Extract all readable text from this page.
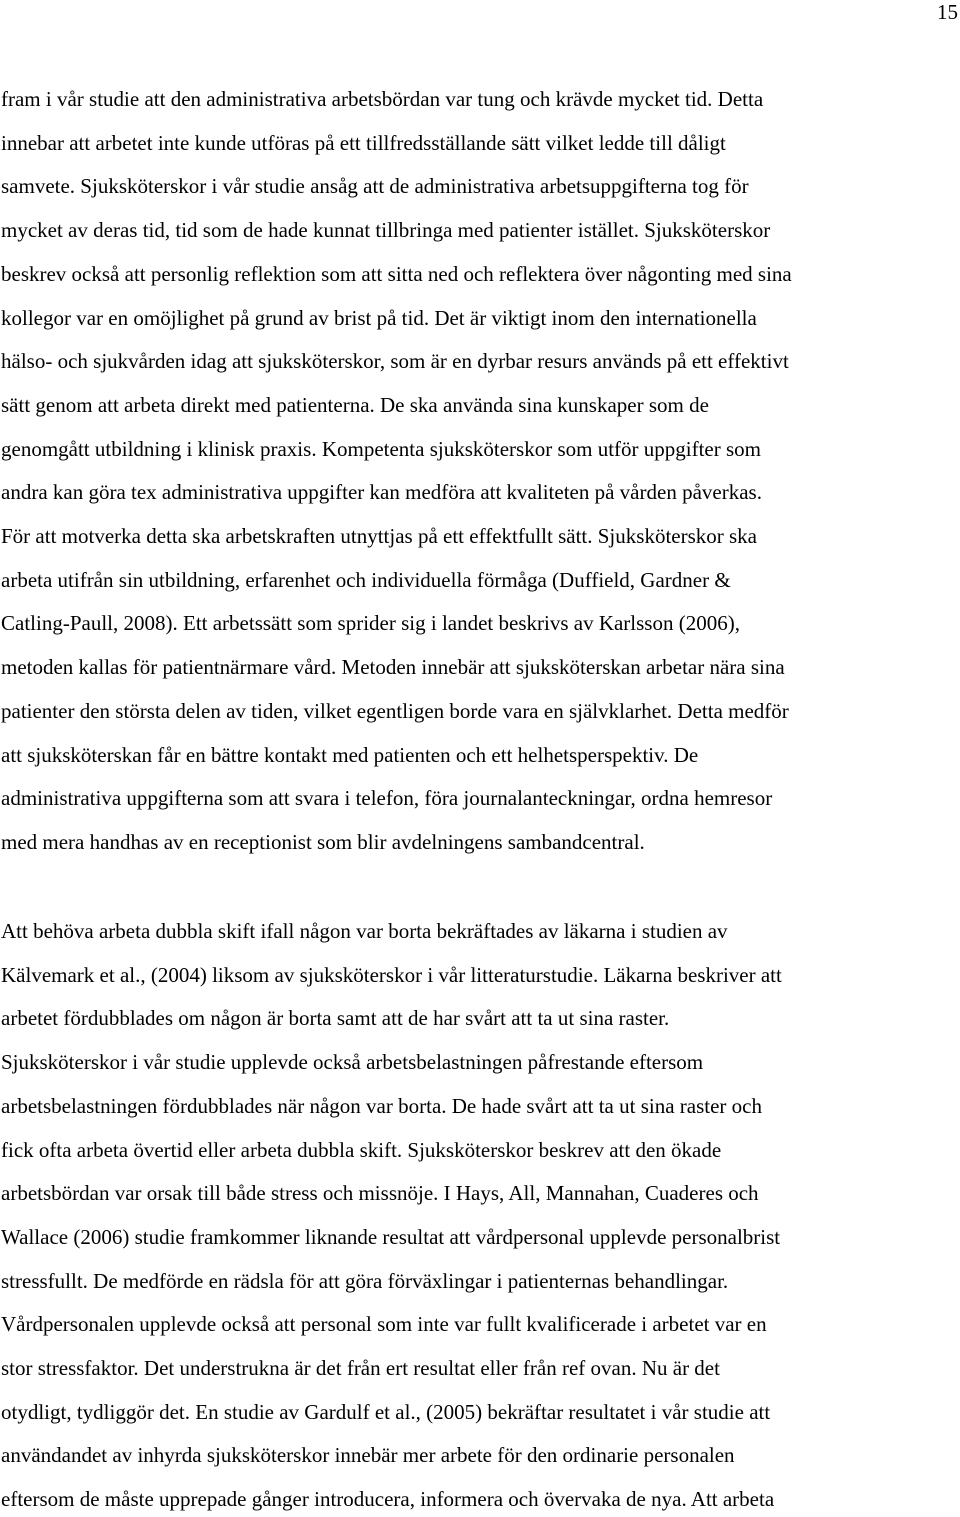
15
fram i vår studie att den administrativa arbetsbördan var tung och krävde mycket tid. Detta
innebar att arbetet inte kunde utföras på ett tillfredsställande sätt vilket ledde till dåligt
samvete. Sjuksköterskor i vår studie ansåg att de administrativa arbetsuppgifterna tog för
mycket av deras tid, tid som de hade kunnat tillbringa med patienter istället. Sjuksköterskor
beskrev också att personlig reflektion som att sitta ned och reflektera över någonting med sina
kollegor var en omöjlighet på grund av brist på tid. Det är viktigt inom den internationella
hälso- och sjukvården idag att sjuksköterskor, som är en dyrbar resurs används på ett effektivt
sätt genom att arbeta direkt med patienterna. De ska använda sina kunskaper som de
genomgått utbildning i klinisk praxis. Kompetenta sjuksköterskor som utför uppgifter som
andra kan göra tex administrativa uppgifter kan medföra att kvaliteten på vården påverkas.
För att motverka detta ska arbetskraften utnyttjas på ett effektfullt sätt. Sjuksköterskor ska
arbeta utifrån sin utbildning, erfarenhet och individuella förmåga (Duffield, Gardner &
Catling-Paull, 2008). Ett arbetssätt som sprider sig i landet beskrivs av Karlsson (2006),
metoden kallas för patientnärmare vård. Metoden innebär att sjuksköterskan arbetar nära sina
patienter den största delen av tiden, vilket egentligen borde vara en självklarhet. Detta medför
att sjuksköterskan får en bättre kontakt med patienten och ett helhetsperspektiv. De
administrativa uppgifterna som att svara i telefon, föra journalanteckningar, ordna hemresor
med mera handhas av en receptionist som blir avdelningens sambandcentral.
Att behöva arbeta dubbla skift ifall någon var borta bekräftades av läkarna i studien av
Kälvemark et al., (2004) liksom av sjuksköterskor i vår litteraturstudie. Läkarna beskriver att
arbetet fördubblades om någon är borta samt att de har svårt att ta ut sina raster.
Sjuksköterskor i vår studie upplevde också arbetsbelastningen påfrestande eftersom
arbetsbelastningen fördubblades när någon var borta. De hade svårt att ta ut sina raster och
fick ofta arbeta övertid eller arbeta dubbla skift. Sjuksköterskor beskrev att den ökade
arbetsbördan var orsak till både stress och missnöje. I Hays, All, Mannahan, Cuaderes och
Wallace (2006) studie framkommer liknande resultat att vårdpersonal upplevde personalbrist
stressfullt. De medförde en rädsla för att göra förväxlingar i patienternas behandlingar.
Vårdpersonalen upplevde också att personal som inte var fullt kvalificerade i arbetet var en
stor stressfaktor. Det understrukna är det från ert resultat eller från ref ovan. Nu är det
otydligt, tydliggör det. En studie av Gardulf et al., (2005) bekräftar resultatet i vår studie att
användandet av inhyrda sjuksköterskor innebär mer arbete för den ordinarie personalen
eftersom de måste upprepade gånger introducera, informera och övervaka de nya. Att arbeta
